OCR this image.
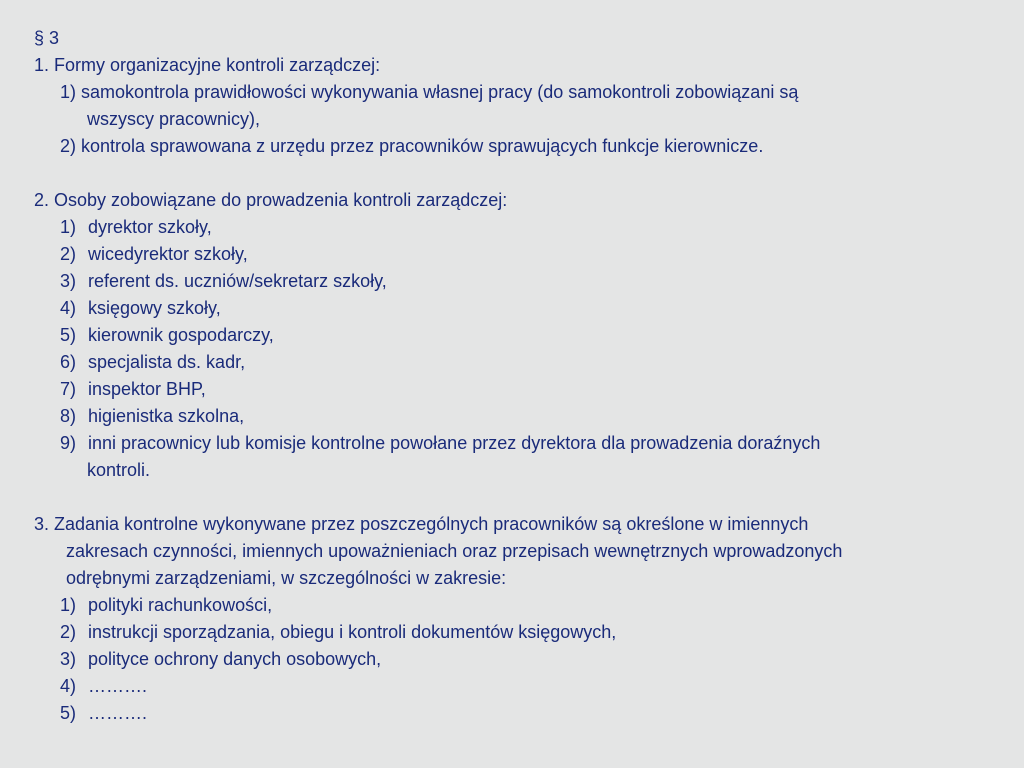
§ 3
1. Formy organizacyjne kontroli zarządczej:
1) samokontrola prawidłowości wykonywania własnej pracy (do samokontroli zobowiązani są
wszyscy pracownicy),
2) kontrola sprawowana z urzędu przez pracowników sprawujących funkcje kierownicze.
2. Osoby zobowiązane do prowadzenia kontroli zarządczej:
1) dyrektor szkoły,
2) wicedyrektor szkoły,
3) referent ds. uczniów/sekretarz szkoły,
4) księgowy szkoły,
5) kierownik gospodarczy,
6) specjalista ds. kadr,
7) inspektor BHP,
8) higienistka szkolna,
9) inni pracownicy lub komisje kontrolne powołane przez dyrektora dla prowadzenia doraźnych
kontroli.
3. Zadania kontrolne wykonywane przez poszczególnych pracowników są określone w imiennych
zakresach czynności, imiennych upoważnieniach oraz przepisach wewnętrznych wprowadzonych
odrębnymi zarządzeniami, w szczególności w zakresie:
1) polityki rachunkowości,
2) instrukcji sporządzania, obiegu i kontroli dokumentów księgowych,
3) polityce ochrony danych osobowych,
4) ……….
5) ……….
